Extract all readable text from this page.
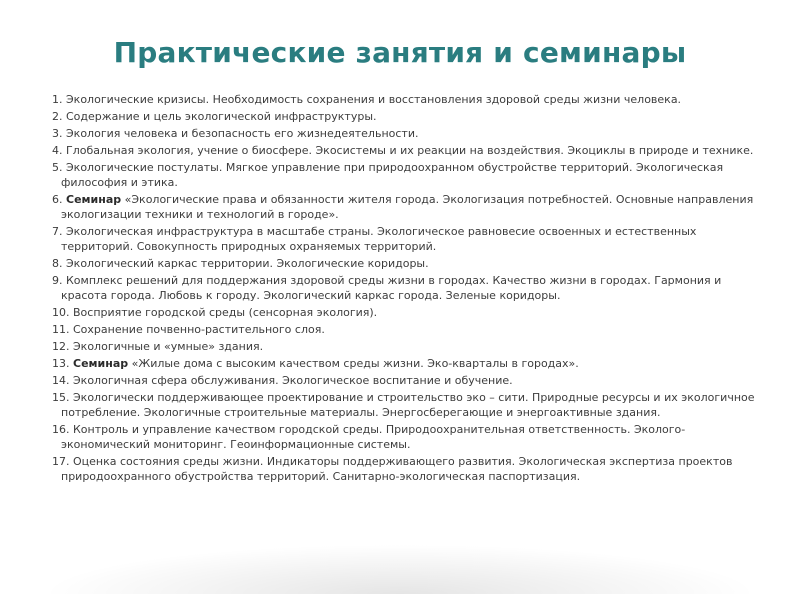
Практические занятия и семинары
1. Экологические кризисы. Необходимость сохранения и восстановления здоровой среды жизни человека.
2. Содержание и цель экологической инфраструктуры.
3. Экология человека и безопасность его жизнедеятельности.
4. Глобальная экология, учение о биосфере. Экосистемы и их реакции на воздействия. Экоциклы в природе и технике.
5. Экологические постулаты. Мягкое управление при природоохранном обустройстве территорий. Экологическая философия и этика.
6. Семинар «Экологические права и обязанности жителя города. Экологизация потребностей. Основные направления экологизации техники и технологий в городе».
7. Экологическая инфраструктура в масштабе страны. Экологическое равновесие освоенных и естественных территорий. Совокупность природных охраняемых территорий.
8. Экологический каркас территории. Экологические коридоры.
9. Комплекс решений для поддержания здоровой среды жизни в городах. Качество жизни в городах. Гармония и красота города. Любовь к городу. Экологический каркас города. Зеленые коридоры.
10. Восприятие городской среды (сенсорная экология).
11. Сохранение почвенно-растительного слоя.
12. Экологичные и «умные» здания.
13. Семинар «Жилые дома с высоким качеством среды жизни. Эко-кварталы в городах».
14. Экологичная сфера обслуживания. Экологическое воспитание и обучение.
15. Экологически поддерживающее проектирование и строительство эко – сити. Природные ресурсы и их экологичное потребление. Экологичные строительные материалы. Энергосберегающие и энергоактивные здания.
16. Контроль и управление качеством городской среды. Природоохранительная ответственность. Эколого-экономический мониторинг. Геоинформационные системы.
17. Оценка состояния среды жизни. Индикаторы поддерживающего развития. Экологическая экспертиза проектов природоохранного обустройства территорий. Санитарно-экологическая паспортизация.
